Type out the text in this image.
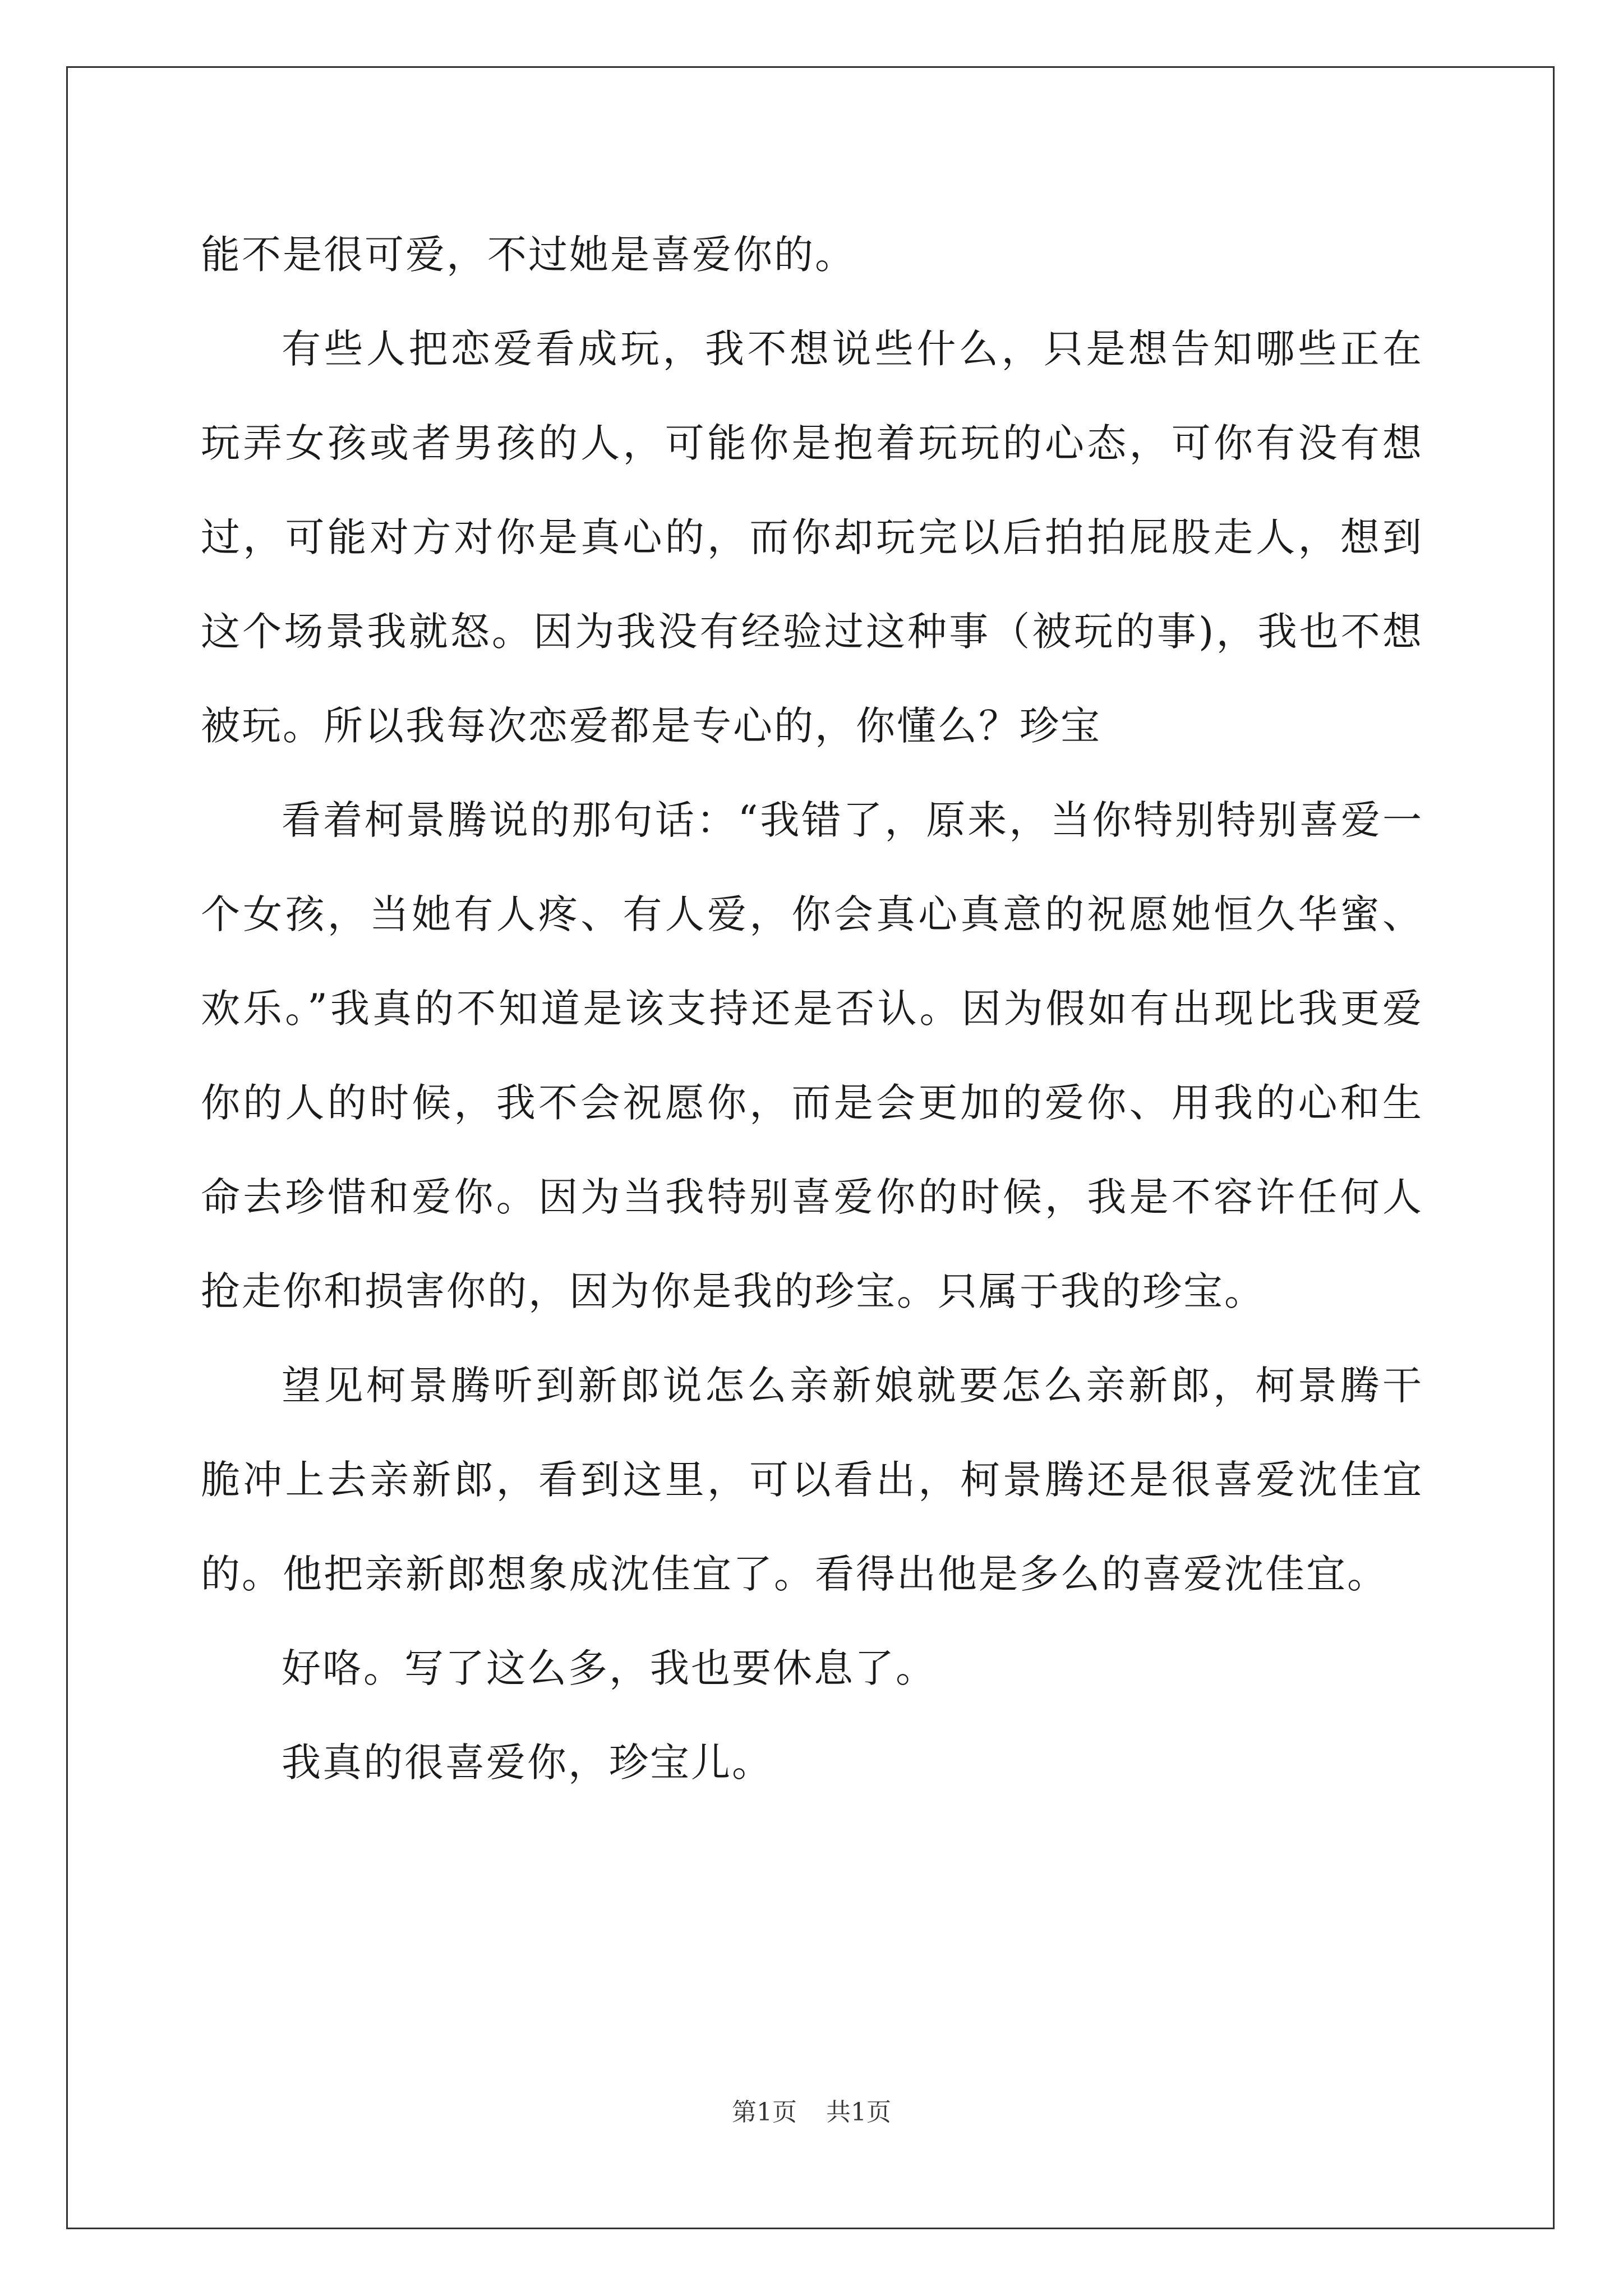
能不是很可爱，不过她是喜爱你的。

有些人把恋爱看成玩，我不想说些什么，只是想告知哪些正在玩弄女孩或者男孩的人，可能你是抱着玩玩的心态，可你有没有想过，可能对方对你是真心的，而你却玩完以后拍拍屁股走人，想到这个场景我就怒。因为我没有经验过这种事（被玩的事)，我也不想被玩。所以我每次恋爱都是专心的，你懂么？珍宝

看着柯景腾说的那句话：“我错了，原来，当你特别特别喜爱一个女孩，当她有人疼、有人爱，你会真心真意的祝愿她恒久华蜜、欢乐。”我真的不知道是该支持还是否认。因为假如有出现比我更爱你的人的时候，我不会祝愿你，而是会更加的爱你、用我的心和生命去珍惜和爱你。因为当我特别喜爱你的时候，我是不容许任何人抢走你和损害你的，因为你是我的珍宝。只属于我的珍宝。

望见柯景腾听到新郎说怎么亲新娘就要怎么亲新郎，柯景腾干脆冲上去亲新郎，看到这里，可以看出，柯景腾还是很喜爱沈佳宜的。他把亲新郎想象成沈佳宜了。看得出他是多么的喜爱沈佳宜。

好咯。写了这么多，我也要休息了。

我真的很喜爱你，珍宝儿。

第1页 共1页
